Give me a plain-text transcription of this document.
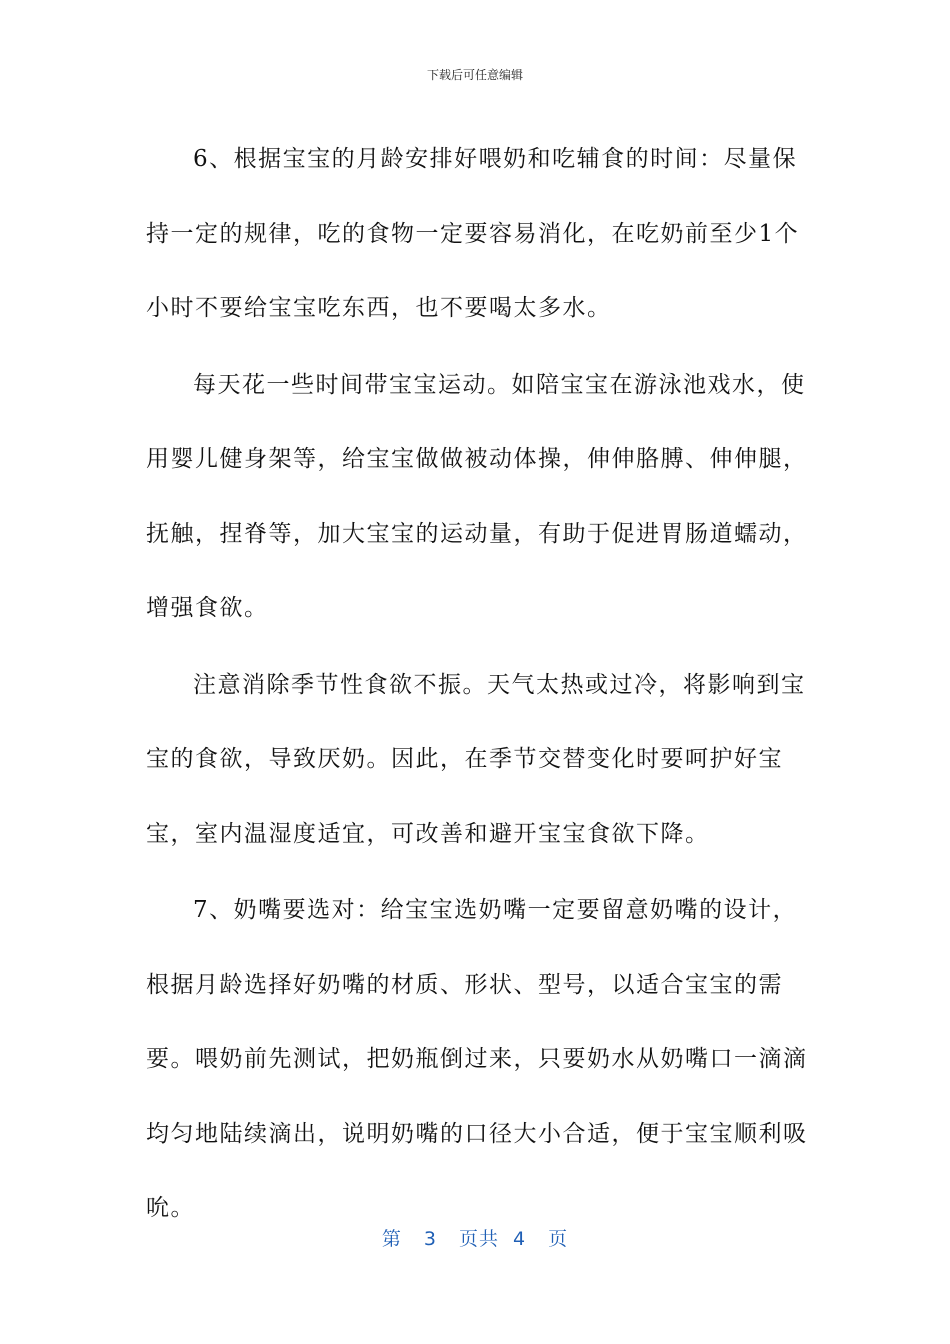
下载后可任意编辑

6、根据宝宝的月龄安排好喂奶和吃辅食的时间：尽量保持一定的规律，吃的食物一定要容易消化，在吃奶前至少1个小时不要给宝宝吃东西，也不要喝太多水。

每天花一些时间带宝宝运动。如陪宝宝在游泳池戏水，使用婴儿健身架等，给宝宝做做被动体操，伸伸胳膊、伸伸腿，抚触，捏脊等，加大宝宝的运动量，有助于促进胃肠道蠕动，增强食欲。

注意消除季节性食欲不振。天气太热或过冷，将影响到宝宝的食欲，导致厌奶。因此，在季节交替变化时要呵护好宝宝，室内温湿度适宜，可改善和避开宝宝食欲下降。

7、奶嘴要选对：给宝宝选奶嘴一定要留意奶嘴的设计，根据月龄选择好奶嘴的材质、形状、型号，以适合宝宝的需要。喂奶前先测试，把奶瓶倒过来，只要奶水从奶嘴口一滴滴均匀地陆续滴出，说明奶嘴的口径大小合适，便于宝宝顺利吸吮。

第 3 页共 4 页
